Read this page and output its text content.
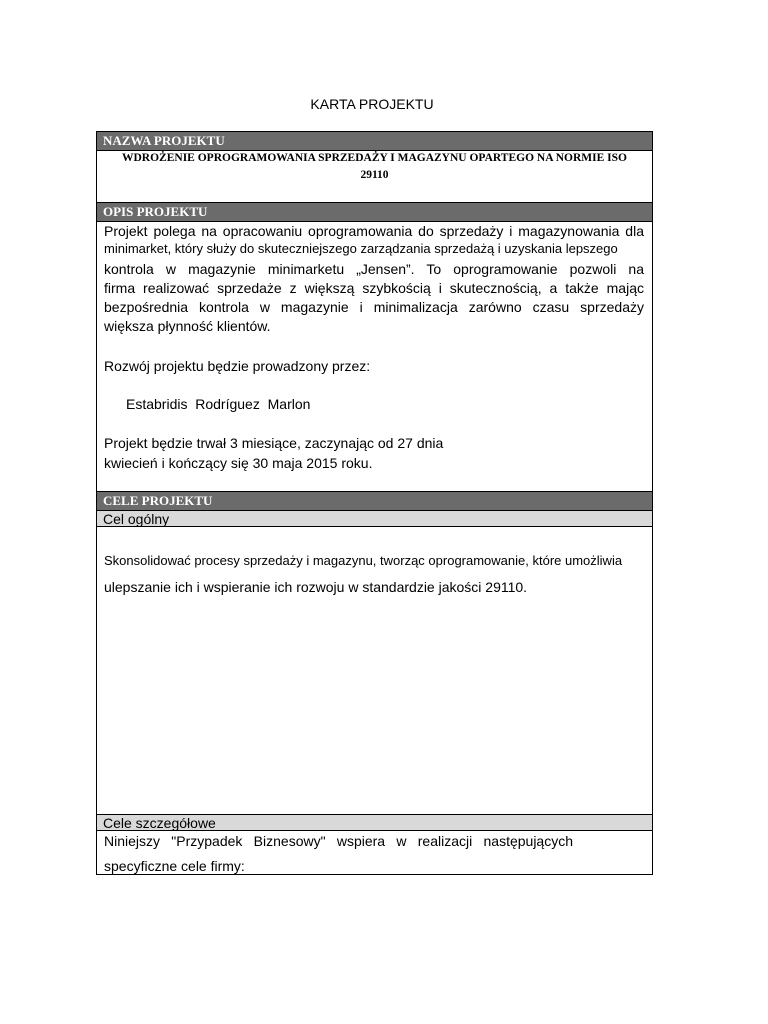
KARTA PROJEKTU
NAZWA PROJEKTU
WDROŻENIE OPROGRAMOWANIA SPRZEDAŻY I MAGAZYNU OPARTEGO NA NORMIE ISO
29110
OPIS PROJEKTU
Projekt polega na opracowaniu oprogramowania do sprzedaży i magazynowania dla
minimarket, który służy do skuteczniejszego zarządzania sprzedażą i uzyskania lepszego
kontrola w magazynie minimarketu „Jensen”. To oprogramowanie pozwoli na
firma realizować sprzedaże z większą szybkością i skutecznością, a także mając
bezpośrednia kontrola w magazynie i minimalizacja zarówno czasu sprzedaży
większa płynność klientów.
Rozwój projektu będzie prowadzony przez:
Estabridis  Rodríguez  Marlon
Projekt będzie trwał 3 miesiące, zaczynając od 27 dnia
kwiecień i kończący się 30 maja 2015 roku.
CELE PROJEKTU
Cel ogólny
Skonsolidować procesy sprzedaży i magazynu, tworząc oprogramowanie, które umożliwia
ulepszanie ich i wspieranie ich rozwoju w standardzie jakości 29110.
Cele szczegółowe
Niniejszy "Przypadek Biznesowy" wspiera w realizacji następujących
specyficzne cele firmy:
